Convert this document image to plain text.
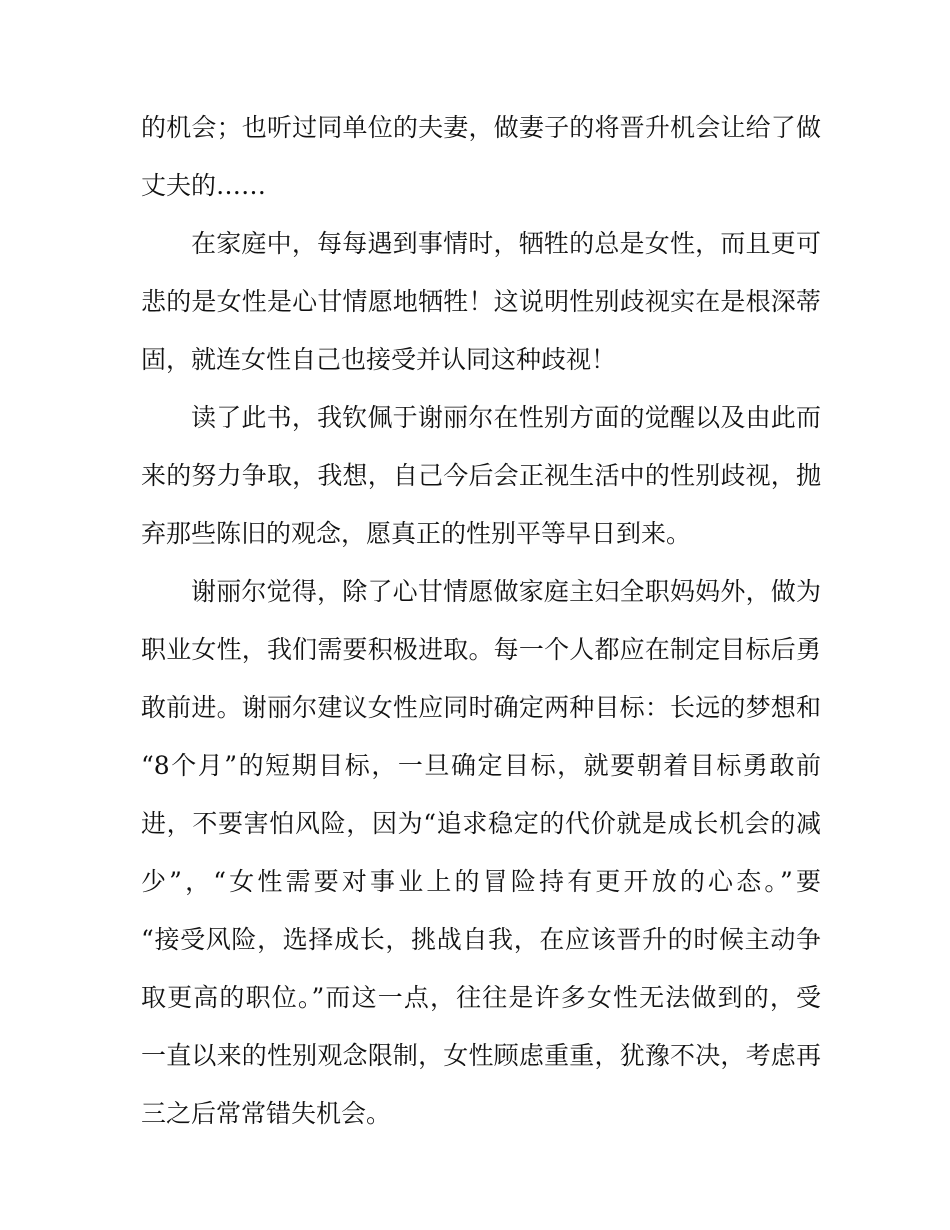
的机会；也听过同单位的夫妻，做妻子的将晋升机会让给了做
丈夫的……
在家庭中，每每遇到事情时，牺牲的总是女性，而且更可
悲的是女性是心甘情愿地牺牲！这说明性别歧视实在是根深蒂
固，就连女性自己也接受并认同这种歧视！
读了此书，我钦佩于谢丽尔在性别方面的觉醒以及由此而
来的努力争取，我想，自己今后会正视生活中的性别歧视，抛
弃那些陈旧的观念，愿真正的性别平等早日到来。
谢丽尔觉得，除了心甘情愿做家庭主妇全职妈妈外，做为
职业女性，我们需要积极进取。每一个人都应在制定目标后勇
敢前进。谢丽尔建议女性应同时确定两种目标：长远的梦想和
“8个月”的短期目标，一旦确定目标，就要朝着目标勇敢前
进，不要害怕风险，因为“追求稳定的代价就是成长机会的减
少”，“女性需要对事业上的冒险持有更开放的心态。”要
“接受风险，选择成长，挑战自我，在应该晋升的时候主动争
取更高的职位。”而这一点，往往是许多女性无法做到的，受
一直以来的性别观念限制，女性顾虑重重，犹豫不决，考虑再
三之后常常错失机会。
